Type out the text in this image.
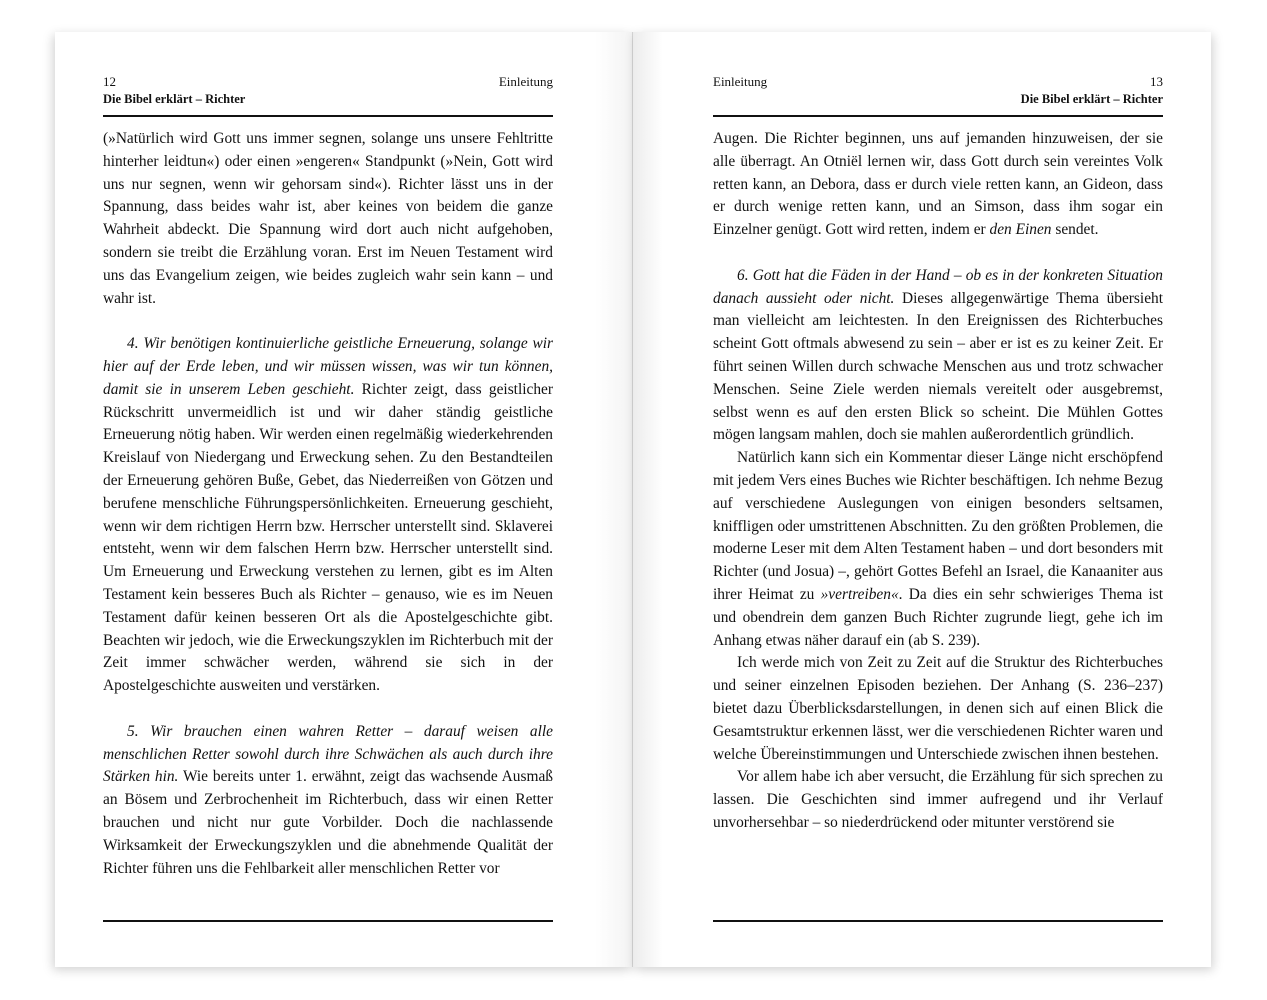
12	Einleitung
Die Bibel erklärt – Richter

(»Natürlich wird Gott uns immer segnen, solange uns unsere Fehltritte hinterher leidtun«) oder einen »engeren« Standpunkt (»Nein, Gott wird uns nur segnen, wenn wir gehorsam sind«). Richter lässt uns in der Spannung, dass beides wahr ist, aber keines von beidem die ganze Wahrheit abdeckt. Die Spannung wird dort auch nicht aufgehoben, sondern sie treibt die Erzählung voran. Erst im Neuen Testament wird uns das Evangelium zeigen, wie beides zugleich wahr sein kann – und wahr ist.

4. Wir benötigen kontinuierliche geistliche Erneuerung, solange wir hier auf der Erde leben, und wir müssen wissen, was wir tun können, damit sie in unserem Leben geschieht. Richter zeigt, dass geistlicher Rückschritt unvermeidlich ist und wir daher ständig geistliche Erneuerung nötig haben. Wir werden einen regelmäßig wiederkehrenden Kreislauf von Niedergang und Erweckung sehen. Zu den Bestandteilen der Erneuerung gehören Buße, Gebet, das Niederreißen von Götzen und berufene menschliche Führungspersönlichkeiten. Erneuerung geschieht, wenn wir dem richtigen Herrn bzw. Herrscher unterstellt sind. Sklaverei entsteht, wenn wir dem falschen Herrn bzw. Herrscher unterstellt sind. Um Erneuerung und Erweckung verstehen zu lernen, gibt es im Alten Testament kein besseres Buch als Richter – genauso, wie es im Neuen Testament dafür keinen besseren Ort als die Apostelgeschichte gibt. Beachten wir jedoch, wie die Erweckungszyklen im Richterbuch mit der Zeit immer schwächer werden, während sie sich in der Apostelgeschichte ausweiten und verstärken.

5. Wir brauchen einen wahren Retter – darauf weisen alle menschlichen Retter sowohl durch ihre Schwächen als auch durch ihre Stärken hin. Wie bereits unter 1. erwähnt, zeigt das wachsende Ausmaß an Bösem und Zerbrochenheit im Richterbuch, dass wir einen Retter brauchen und nicht nur gute Vorbilder. Doch die nachlassende Wirksamkeit der Erweckungszyklen und die abnehmende Qualität der Richter führen uns die Fehlbarkeit aller menschlichen Retter vor

Einleitung	13
Die Bibel erklärt – Richter

Augen. Die Richter beginnen, uns auf jemanden hinzuweisen, der sie alle überragt. An Otniël lernen wir, dass Gott durch sein vereintes Volk retten kann, an Debora, dass er durch viele retten kann, an Gideon, dass er durch wenige retten kann, und an Simson, dass ihm sogar ein Einzelner genügt. Gott wird retten, indem er den Einen sendet.

6. Gott hat die Fäden in der Hand – ob es in der konkreten Situation danach aussieht oder nicht. Dieses allgegenwärtige Thema übersieht man vielleicht am leichtesten. In den Ereignissen des Richterbuches scheint Gott oftmals abwesend zu sein – aber er ist es zu keiner Zeit. Er führt seinen Willen durch schwache Menschen aus und trotz schwacher Menschen. Seine Ziele werden niemals vereitelt oder ausgebremst, selbst wenn es auf den ersten Blick so scheint. Die Mühlen Gottes mögen langsam mahlen, doch sie mahlen außerordentlich gründlich.

Natürlich kann sich ein Kommentar dieser Länge nicht erschöpfend mit jedem Vers eines Buches wie Richter beschäftigen. Ich nehme Bezug auf verschiedene Auslegungen von einigen besonders seltsamen, kniffligen oder umstrittenen Abschnitten. Zu den größten Problemen, die moderne Leser mit dem Alten Testament haben – und dort besonders mit Richter (und Josua) –, gehört Gottes Befehl an Israel, die Kanaaniter aus ihrer Heimat zu »vertreiben«. Da dies ein sehr schwieriges Thema ist und obendrein dem ganzen Buch Richter zugrunde liegt, gehe ich im Anhang etwas näher darauf ein (ab S. 239).

Ich werde mich von Zeit zu Zeit auf die Struktur des Richterbuches und seiner einzelnen Episoden beziehen. Der Anhang (S. 236–237) bietet dazu Überblicksdarstellungen, in denen sich auf einen Blick die Gesamtstruktur erkennen lässt, wer die verschiedenen Richter waren und welche Übereinstimmungen und Unterschiede zwischen ihnen bestehen.

Vor allem habe ich aber versucht, die Erzählung für sich sprechen zu lassen. Die Geschichten sind immer aufregend und ihr Verlauf unvorhersehbar – so niederdrückend oder mitunter verstörend sie
